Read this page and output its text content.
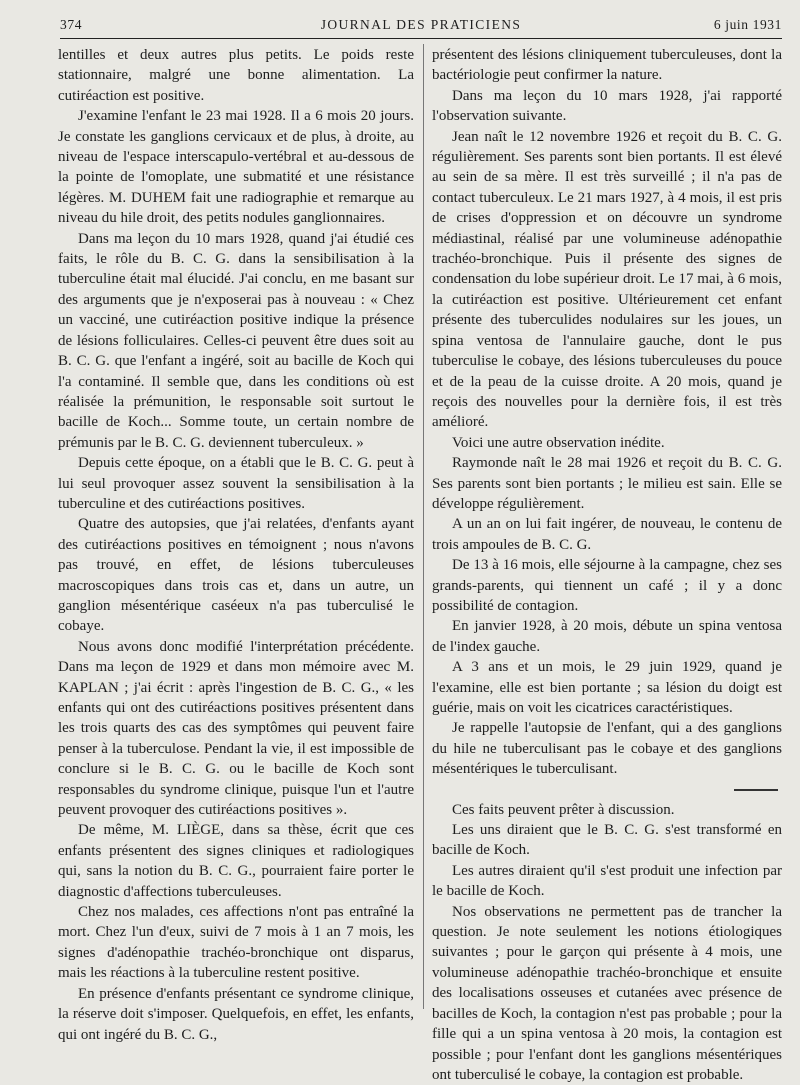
374	JOURNAL DES PRATICIENS	6 juin 1931

lentilles et deux autres plus petits. Le poids reste stationnaire, malgré une bonne alimentation. La cutiréaction est positive.

J'examine l'enfant le 23 mai 1928. Il a 6 mois 20 jours. Je constate les ganglions cervicaux et de plus, à droite, au niveau de l'espace interscapulo-vertébral et au-dessous de la pointe de l'omoplate, une submatité et une résistance légères. M. DUHEM fait une radiographie et remarque au niveau du hile droit, des petits nodules ganglionnaires.

Dans ma leçon du 10 mars 1928, quand j'ai étudié ces faits, le rôle du B. C. G. dans la sensibilisation à la tuberculine était mal élucidé. J'ai conclu, en me basant sur des arguments que je n'exposerai pas à nouveau : « Chez un vacciné, une cutiréaction positive indique la présence de lésions folliculaires. Celles-ci peuvent être dues soit au B. C. G. que l'enfant a ingéré, soit au bacille de Koch qui l'a contaminé. Il semble que, dans les conditions où est réalisée la prémunition, le responsable soit surtout le bacille de Koch... Somme toute, un certain nombre de prémunis par le B. C. G. deviennent tuberculeux. »

Depuis cette époque, on a établi que le B. C. G. peut à lui seul provoquer assez souvent la sensibilisation à la tuberculine et des cutiréactions positives.

Quatre des autopsies, que j'ai relatées, d'enfants ayant des cutiréactions positives en témoignent ; nous n'avons pas trouvé, en effet, de lésions tuberculeuses macroscopiques dans trois cas et, dans un autre, un ganglion mésentérique caséeux n'a pas tuberculisé le cobaye.

Nous avons donc modifié l'interprétation précédente. Dans ma leçon de 1929 et dans mon mémoire avec M. KAPLAN ; j'ai écrit : après l'ingestion de B. C. G., « les enfants qui ont des cutiréactions positives présentent dans les trois quarts des cas des symptômes qui peuvent faire penser à la tuberculose. Pendant la vie, il est impossible de conclure si le B. C. G. ou le bacille de Koch sont responsables du syndrome clinique, puisque l'un et l'autre peuvent provoquer des cutiréactions positives ».

De même, M. LIÈGE, dans sa thèse, écrit que ces enfants présentent des signes cliniques et radiologiques qui, sans la notion du B. C. G., pourraient faire porter le diagnostic d'affections tuberculeuses.

Chez nos malades, ces affections n'ont pas entraîné la mort. Chez l'un d'eux, suivi de 7 mois à 1 an 7 mois, les signes d'adénopathie trachéo-bronchique ont disparus, mais les réactions à la tuberculine restent positive.

En présence d'enfants présentant ce syndrome clinique, la réserve doit s'imposer. Quelquefois, en effet, les enfants, qui ont ingéré du B. C. G.,

présentent des lésions cliniquement tuberculeuses, dont la bactériologie peut confirmer la nature.

Dans ma leçon du 10 mars 1928, j'ai rapporté l'observation suivante.

Jean naît le 12 novembre 1926 et reçoit du B. C. G. régulièrement. Ses parents sont bien portants. Il est élevé au sein de sa mère. Il est très surveillé ; il n'a pas de contact tuberculeux. Le 21 mars 1927, à 4 mois, il est pris de crises d'oppression et on découvre un syndrome médiastinal, réalisé par une volumineuse adénopathie trachéo-bronchique. Puis il présente des signes de condensation du lobe supérieur droit. Le 17 mai, à 6 mois, la cutiréaction est positive. Ultérieurement cet enfant présente des tuberculides nodulaires sur les joues, un spina ventosa de l'annulaire gauche, dont le pus tuberculise le cobaye, des lésions tuberculeuses du pouce et de la peau de la cuisse droite. A 20 mois, quand je reçois des nouvelles pour la dernière fois, il est très amélioré.

Voici une autre observation inédite.

Raymonde naît le 28 mai 1926 et reçoit du B. C. G. Ses parents sont bien portants ; le milieu est sain. Elle se développe régulièrement.

A un an on lui fait ingérer, de nouveau, le contenu de trois ampoules de B. C. G.

De 13 à 16 mois, elle séjourne à la campagne, chez ses grands-parents, qui tiennent un café ; il y a donc possibilité de contagion.

En janvier 1928, à 20 mois, débute un spina ventosa de l'index gauche.

A 3 ans et un mois, le 29 juin 1929, quand je l'examine, elle est bien portante ; sa lésion du doigt est guérie, mais on voit les cicatrices caractéristiques.

Je rappelle l'autopsie de l'enfant, qui a des ganglions du hile ne tuberculisant pas le cobaye et des ganglions mésentériques le tuberculisant.

Ces faits peuvent prêter à discussion.

Les uns diraient que le B. C. G. s'est transformé en bacille de Koch.

Les autres diraient qu'il s'est produit une infection par le bacille de Koch.

Nos observations ne permettent pas de trancher la question. Je note seulement les notions étiologiques suivantes ; pour le garçon qui présente à 4 mois, une volumineuse adénopathie trachéo-bronchique et ensuite des localisations osseuses et cutanées avec présence de bacilles de Koch, la contagion n'est pas probable ; pour la fille qui a un spina ventosa à 20 mois, la contagion est possible ; pour l'enfant dont les ganglions mésentériques ont tuberculisé le cobaye, la contagion est probable.
